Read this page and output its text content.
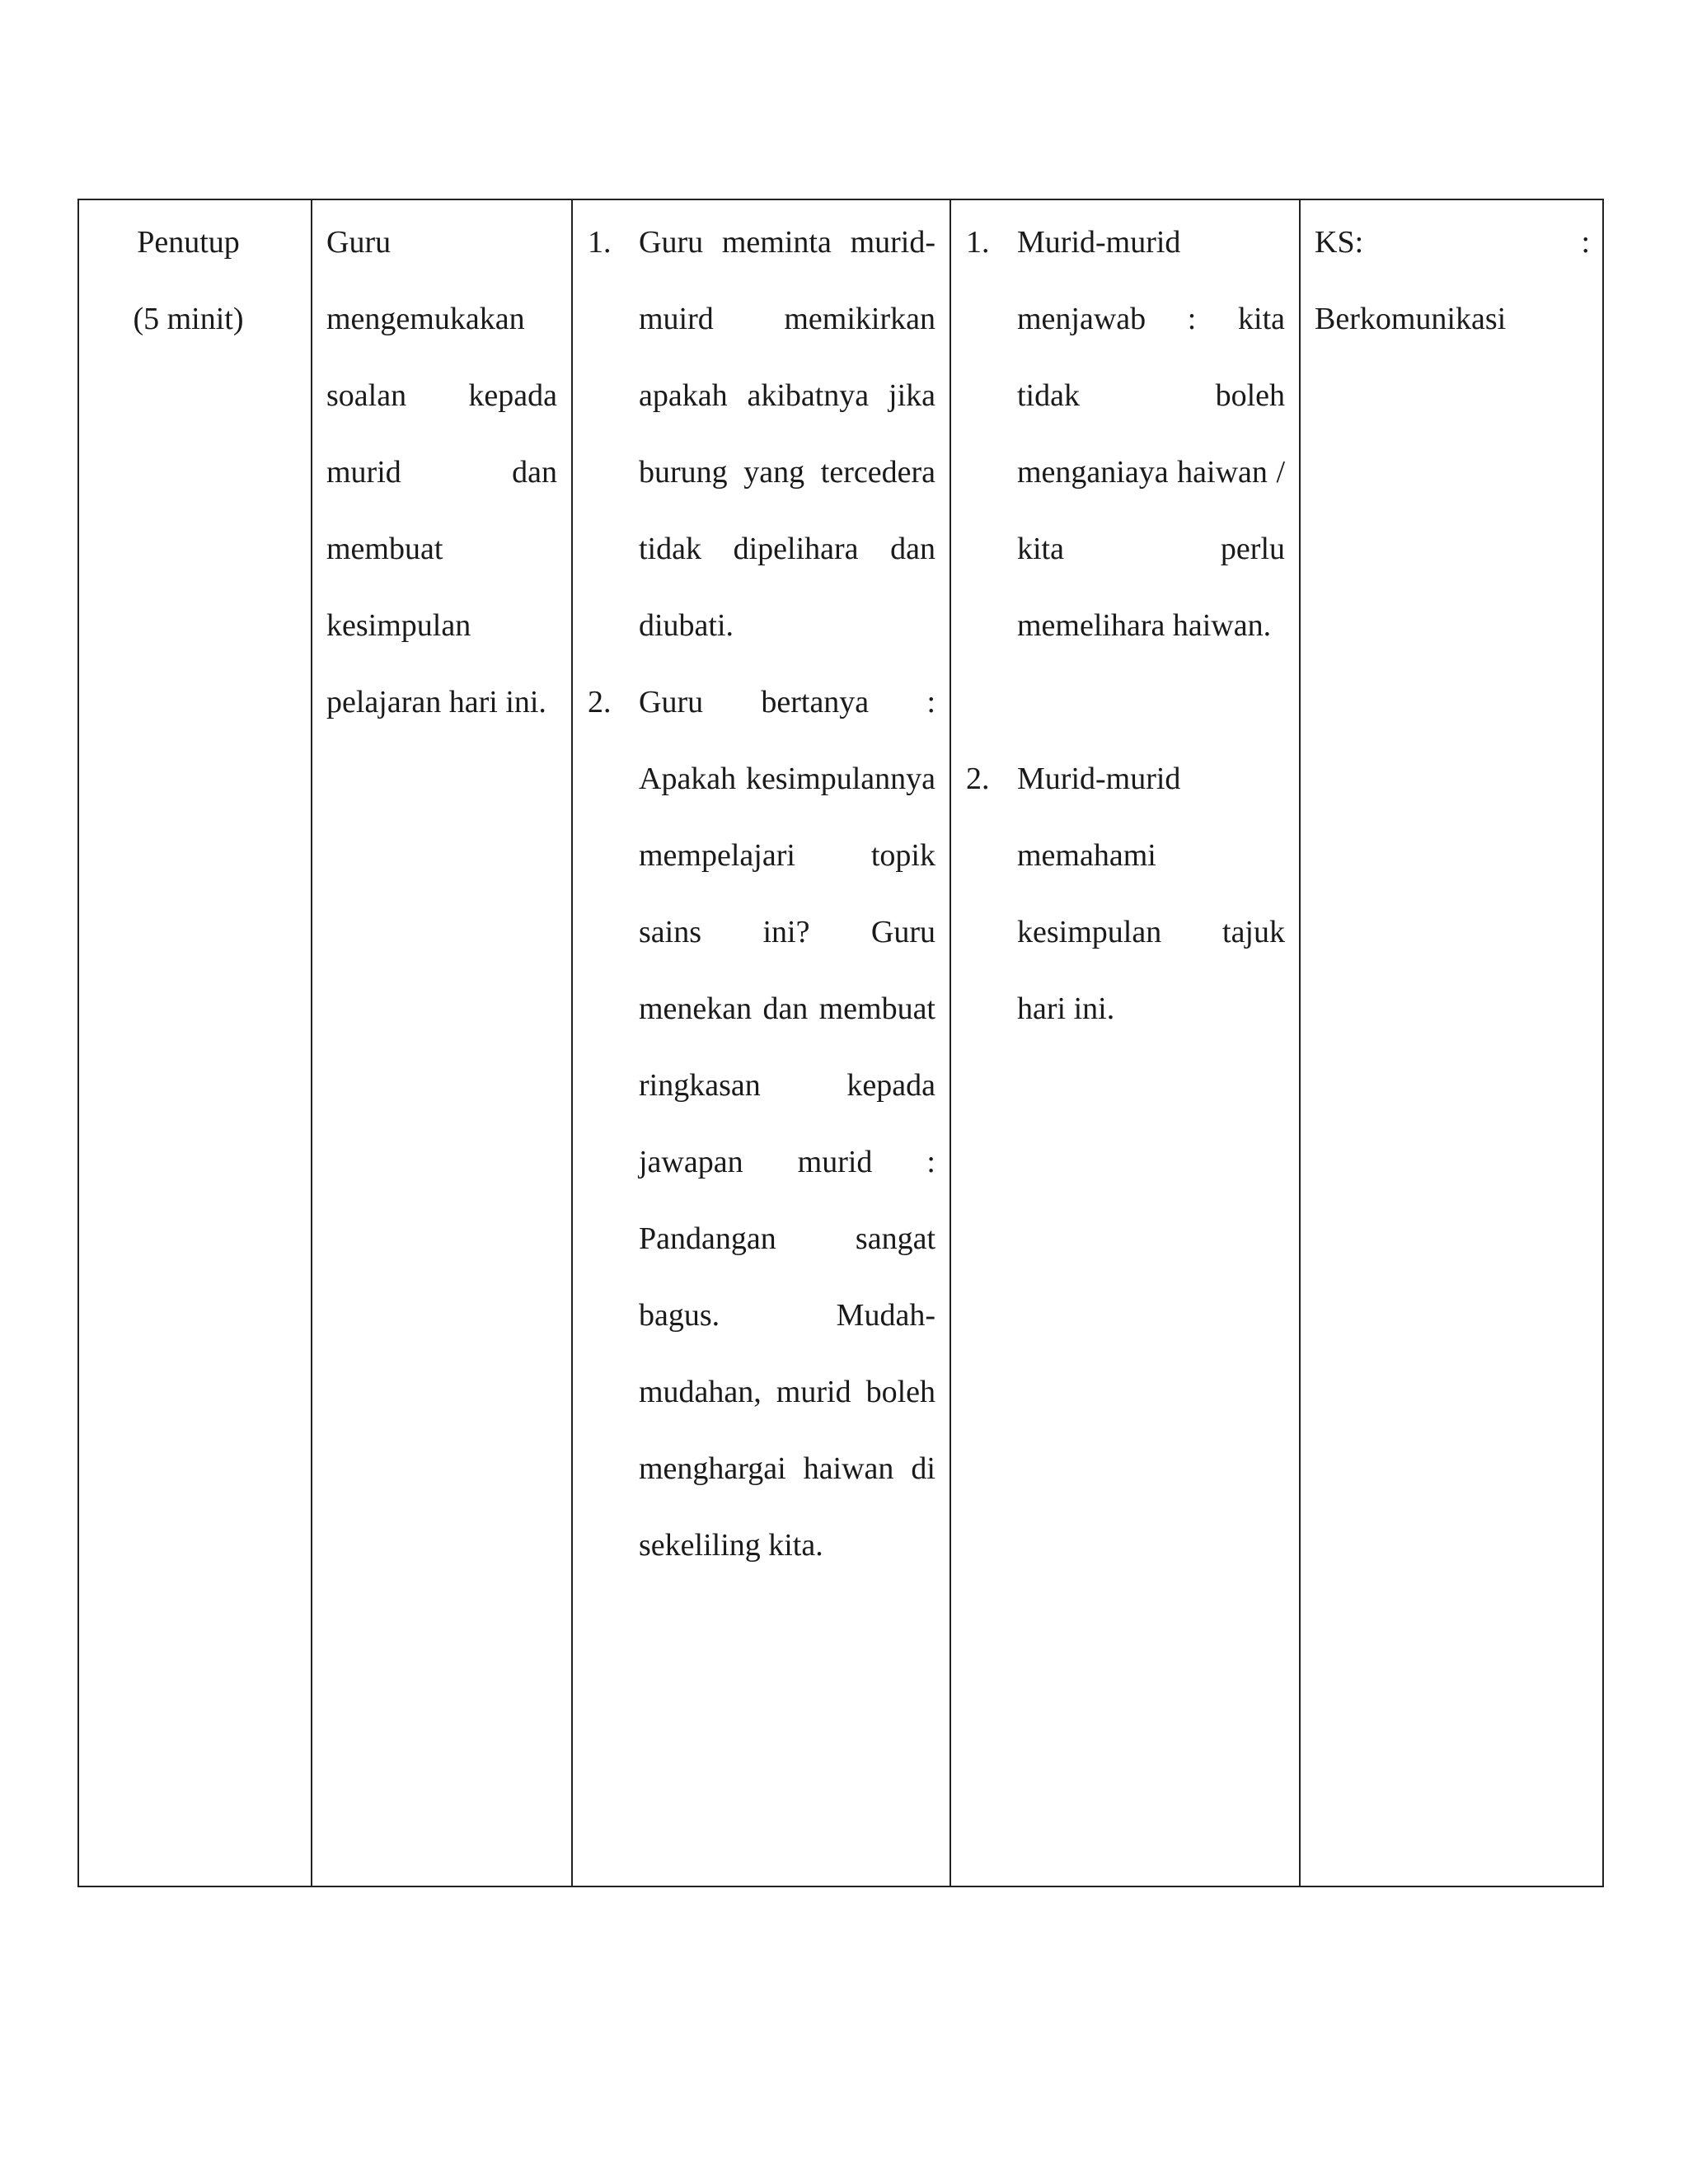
Penutup
(5 minit)
Guru mengemukakan soalan kepada murid dan membuat kesimpulan pelajaran hari ini.
1. Guru meminta murid-muird memikirkan apakah akibatnya jika burung yang tercedera tidak dipelihara dan diubati.
2. Guru bertanya : Apakah kesimpulannya mempelajari topik sains ini? Guru menekan dan membuat ringkasan kepada jawapan murid : Pandangan sangat bagus. Mudah-mudahan, murid boleh menghargai haiwan di sekeliling kita.
1. Murid-murid menjawab : kita tidak boleh menganiaya haiwan / kita perlu memelihara haiwan.
2. Murid-murid memahami kesimpulan tajuk hari ini.
KS:	:
Berkomunikasi
